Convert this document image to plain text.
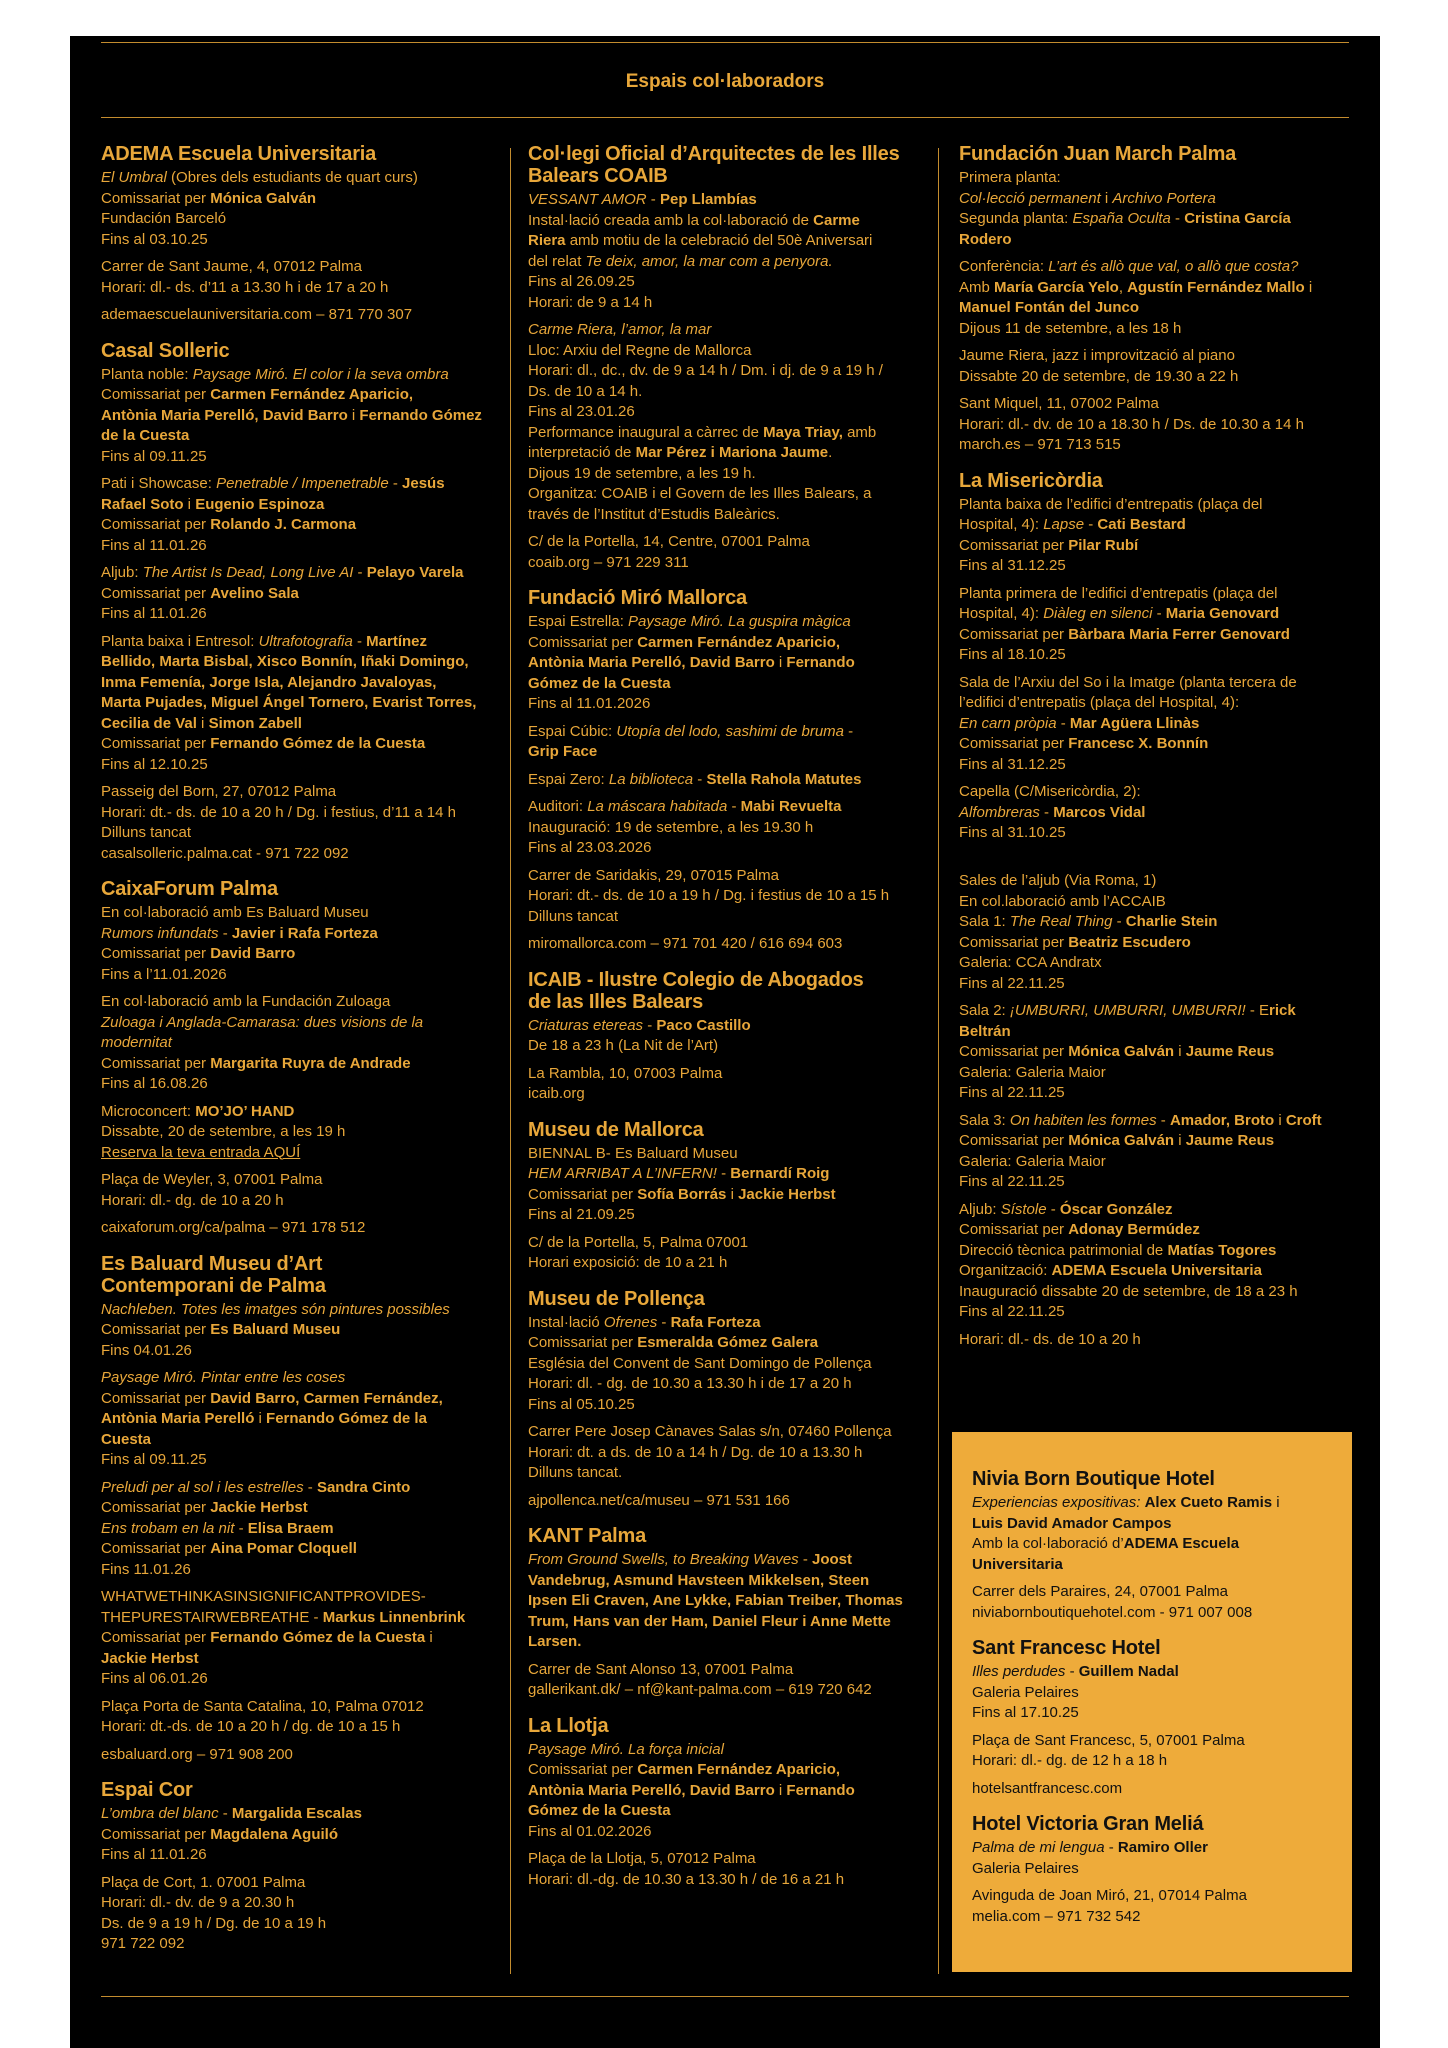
Espais col·laboradors
ADEMA Escuela Universitaria
El Umbral (Obres dels estudiants de quart curs)
Comissariat per Mónica Galván
Fundación Barceló
Fins al 03.10.25
Carrer de Sant Jaume, 4, 07012 Palma
Horari: dl.- ds. d’11 a 13.30 h i de 17 a 20 h
ademaescuelauniversitaria.com – 871 770 307
Casal Solleric
Planta noble: Paysage Miró. El color i la seva ombra
Comissariat per Carmen Fernández Aparicio,
Antònia Maria Perelló, David Barro i Fernando Gómez
de la Cuesta
Fins al 09.11.25
Pati i Showcase: Penetrable / Impenetrable - Jesús
Rafael Soto i Eugenio Espinoza
Comissariat per Rolando J. Carmona
Fins al 11.01.26
Aljub: The Artist Is Dead, Long Live AI - Pelayo Varela
Comissariat per Avelino Sala
Fins al 11.01.26
Planta baixa i Entresol: Ultrafotografia - Martínez
Bellido, Marta Bisbal, Xisco Bonnín, Iñaki Domingo,
Inma Femenía, Jorge Isla, Alejandro Javaloyas,
Marta Pujades, Miguel Ángel Tornero, Evarist Torres,
Cecilia de Val i Simon Zabell
Comissariat per Fernando Gómez de la Cuesta
Fins al 12.10.25
Passeig del Born, 27, 07012 Palma
Horari: dt.- ds. de 10 a 20 h / Dg. i festius, d’11 a 14 h
Dilluns tancat
casalsolleric.palma.cat - 971 722 092
CaixaForum Palma
En col·laboració amb Es Baluard Museu
Rumors infundats - Javier i Rafa Forteza
Comissariat per David Barro
Fins a l’11.01.2026
En col·laboració amb la Fundación Zuloaga
Zuloaga i Anglada-Camarasa: dues visions de la
modernitat
Comissariat per Margarita Ruyra de Andrade
Fins al 16.08.26
Microconcert: MO’JO’ HAND
Dissabte, 20 de setembre, a les 19 h
Reserva la teva entrada AQUÍ
Plaça de Weyler, 3, 07001 Palma
Horari: dl.- dg. de 10 a 20 h
caixaforum.org/ca/palma – 971 178 512
Es Baluard Museu d’Art
Contemporani de Palma
Nachleben. Totes les imatges són pintures possibles
Comissariat per Es Baluard Museu
Fins 04.01.26
Paysage Miró. Pintar entre les coses
Comissariat per David Barro, Carmen Fernández,
Antònia Maria Perelló i Fernando Gómez de la
Cuesta
Fins al 09.11.25
Preludi per al sol i les estrelles - Sandra Cinto
Comissariat per Jackie Herbst
Ens trobam en la nit - Elisa Braem
Comissariat per Aina Pomar Cloquell
Fins 11.01.26
WHATWETHINKASINSIGNIFICANTPROVIDES-
THEPURESTAIRWEBREATHE - Markus Linnenbrink
Comissariat per Fernando Gómez de la Cuesta i
Jackie Herbst
Fins al 06.01.26
Plaça Porta de Santa Catalina, 10, Palma 07012
Horari: dt.-ds. de 10 a 20 h / dg. de 10 a 15 h
esbaluard.org – 971 908 200
Espai Cor
L’ombra del blanc - Margalida Escalas
Comissariat per Magdalena Aguiló
Fins al 11.01.26
Plaça de Cort, 1. 07001 Palma
Horari: dl.- dv. de 9 a 20.30 h
Ds. de 9 a 19 h / Dg. de 10 a 19 h
971 722 092
Col·legi Oficial d’Arquitectes de les Illes
Balears COAIB
VESSANT AMOR - Pep Llambías
Instal·lació creada amb la col·laboració de Carme
Riera amb motiu de la celebració del 50è Aniversari
del relat Te deix, amor, la mar com a penyora.
Fins al 26.09.25
Horari: de 9 a 14 h
Carme Riera, l’amor, la mar
Lloc: Arxiu del Regne de Mallorca
Horari: dl., dc., dv. de 9 a 14 h / Dm. i dj. de 9 a 19 h /
Ds. de 10 a 14 h.
Fins al 23.01.26
Performance inaugural a càrrec de Maya Triay, amb
interpretació de Mar Pérez i Mariona Jaume.
Dijous 19 de setembre, a les 19 h.
Organitza: COAIB i el Govern de les Illes Balears, a
través de l’Institut d’Estudis Baleàrics.
C/ de la Portella, 14, Centre, 07001 Palma
coaib.org – 971 229 311
Fundació Miró Mallorca
Espai Estrella: Paysage Miró. La guspira màgica
Comissariat per Carmen Fernández Aparicio,
Antònia Maria Perelló, David Barro i Fernando
Gómez de la Cuesta
Fins al 11.01.2026
Espai Cúbic: Utopía del lodo, sashimi de bruma -
Grip Face
Espai Zero: La biblioteca - Stella Rahola Matutes
Auditori: La máscara habitada - Mabi Revuelta
Inauguració: 19 de setembre, a les 19.30 h
Fins al 23.03.2026
Carrer de Saridakis, 29, 07015 Palma
Horari: dt.- ds. de 10 a 19 h / Dg. i festius de 10 a 15 h
Dilluns tancat
miromallorca.com – 971 701 420 / 616 694 603
ICAIB - Ilustre Colegio de Abogados
de las Illes Balears
Criaturas etereas - Paco Castillo
De 18 a 23 h (La Nit de l’Art)
La Rambla, 10, 07003 Palma
icaib.org
Museu de Mallorca
BIENNAL B- Es Baluard Museu
HEM ARRIBAT A L’INFERN! - Bernardí Roig
Comissariat per Sofía Borrás i Jackie Herbst
Fins al 21.09.25
C/ de la Portella, 5, Palma 07001
Horari exposició: de 10 a 21 h
Museu de Pollença
Instal·lació Ofrenes - Rafa Forteza
Comissariat per Esmeralda Gómez Galera
Església del Convent de Sant Domingo de Pollença
Horari: dl. - dg. de 10.30 a 13.30 h i de 17 a 20 h
Fins al 05.10.25
Carrer Pere Josep Cànaves Salas s/n, 07460 Pollença
Horari: dt. a ds. de 10 a 14 h / Dg. de 10 a 13.30 h
Dilluns tancat.
ajpollenca.net/ca/museu – 971 531 166
KANT Palma
From Ground Swells, to Breaking Waves - Joost
Vandebrug, Asmund Havsteen Mikkelsen, Steen
Ipsen Eli Craven, Ane Lykke, Fabian Treiber, Thomas
Trum, Hans van der Ham, Daniel Fleur i Anne Mette
Larsen.
Carrer de Sant Alonso 13, 07001 Palma
gallerikant.dk/ – nf@kant-palma.com – 619 720 642
La Llotja
Paysage Miró. La força inicial
Comissariat per Carmen Fernández Aparicio,
Antònia Maria Perelló, David Barro i Fernando
Gómez de la Cuesta
Fins al 01.02.2026
Plaça de la Llotja, 5, 07012 Palma
Horari: dl.-dg. de 10.30 a 13.30 h / de 16 a 21 h
Fundación Juan March Palma
Primera planta:
Col·lecció permanent i Archivo Portera
Segunda planta: España Oculta - Cristina García
Rodero
Conferència: L’art és allò que val, o allò que costa?
Amb María García Yelo, Agustín Fernández Mallo i
Manuel Fontán del Junco
Dijous 11 de setembre, a les 18 h
Jaume Riera, jazz i improvització al piano
Dissabte 20 de setembre, de 19.30 a 22 h
Sant Miquel, 11, 07002 Palma
Horari: dl.- dv. de 10 a 18.30 h / Ds. de 10.30 a 14 h
march.es – 971 713 515
La Misericòrdia
Planta baixa de l’edifici d’entrepatis (plaça del
Hospital, 4): Lapse - Cati Bestard
Comissariat per Pilar Rubí
Fins al 31.12.25
Planta primera de l’edifici d’entrepatis (plaça del
Hospital, 4): Diàleg en silenci - Maria Genovard
Comissariat per Bàrbara Maria Ferrer Genovard
Fins al 18.10.25
Sala de l’Arxiu del So i la Imatge (planta tercera de
l’edifici d’entrepatis (plaça del Hospital, 4):
En carn pròpia - Mar Agüera Llinàs
Comissariat per Francesc X. Bonnín
Fins al 31.12.25
Capella (C/Misericòrdia, 2):
Alfombreras - Marcos Vidal
Fins al 31.10.25

Sales de l’aljub (Via Roma, 1)
En col.laboració amb l’ACCAIB
Sala 1: The Real Thing - Charlie Stein
Comissariat per Beatriz Escudero
Galeria: CCA Andratx
Fins al 22.11.25
Sala 2: ¡UMBURRI, UMBURRI, UMBURRI! - Erick
Beltrán
Comissariat per Mónica Galván i Jaume Reus
Galeria: Galeria Maior
Fins al 22.11.25
Sala 3: On habiten les formes - Amador, Broto i Croft
Comissariat per Mónica Galván i Jaume Reus
Galeria: Galeria Maior
Fins al 22.11.25
Aljub: Sístole - Óscar González
Comissariat per Adonay Bermúdez
Direcció tècnica patrimonial de Matías Togores
Organització: ADEMA Escuela Universitaria
Inauguració dissabte 20 de setembre, de 18 a 23 h
Fins al 22.11.25
Horari: dl.- ds. de 10 a 20 h
Nivia Born Boutique Hotel
Experiencias expositivas: Alex Cueto Ramis i
Luis David Amador Campos
Amb la col·laboració d’ADEMA Escuela
Universitaria
Carrer dels Paraires, 24, 07001 Palma
niviabornboutiquehotel.com - 971 007 008
Sant Francesc Hotel
Illes perdudes - Guillem Nadal
Galeria Pelaires
Fins al 17.10.25
Plaça de Sant Francesc, 5, 07001 Palma
Horari: dl.- dg. de 12 h a 18 h
hotelsantfrancesc.com
Hotel Victoria Gran Meliá
Palma de mi lengua - Ramiro Oller
Galeria Pelaires
Avinguda de Joan Miró, 21, 07014 Palma
melia.com – 971 732 542
